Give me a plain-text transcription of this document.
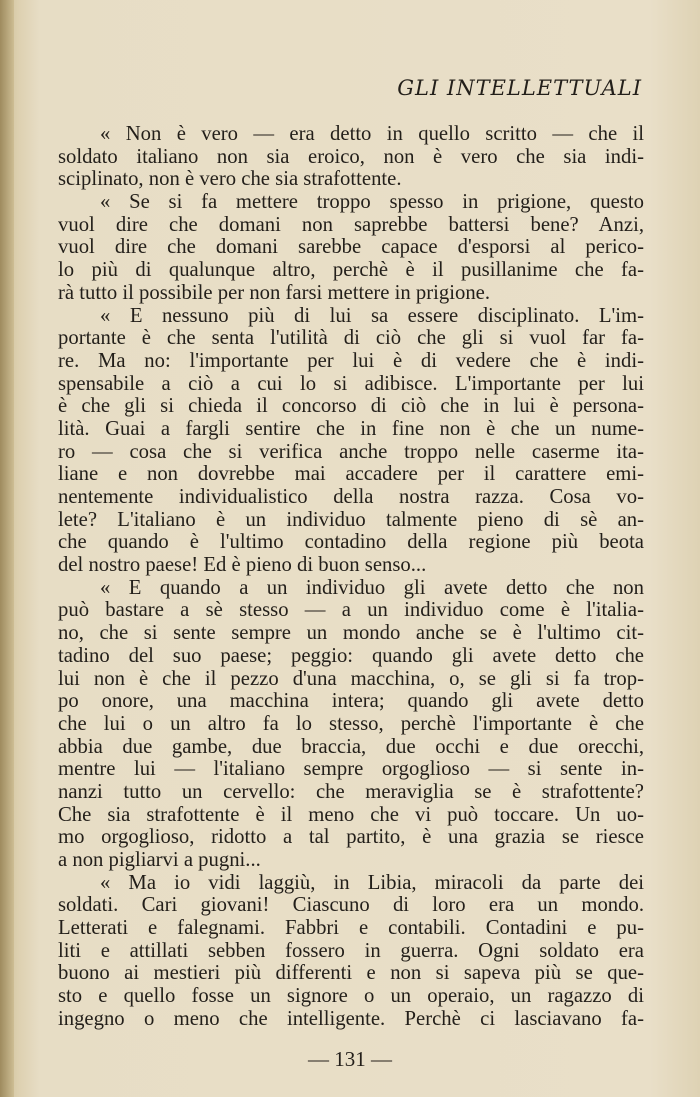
GLI INTELLETTUALI
« Non è vero — era detto in quello scritto — che il
soldato italiano non sia eroico, non è vero che sia indi-
sciplinato, non è vero che sia strafottente.
« Se si fa mettere troppo spesso in prigione, questo
vuol dire che domani non saprebbe battersi bene? Anzi,
vuol dire che domani sarebbe capace d'esporsi al perico-
lo più di qualunque altro, perchè è il pusillanime che fa-
rà tutto il possibile per non farsi mettere in prigione.
« E nessuno più di lui sa essere disciplinato. L'im-
portante è che senta l'utilità di ciò che gli si vuol far fa-
re. Ma no: l'importante per lui è di vedere che è indi-
spensabile a ciò a cui lo si adibisce. L'importante per lui
è che gli si chieda il concorso di ciò che in lui è persona-
lità. Guai a fargli sentire che in fine non è che un nume-
ro — cosa che si verifica anche troppo nelle caserme ita-
liane e non dovrebbe mai accadere per il carattere emi-
nentemente individualistico della nostra razza. Cosa vo-
lete? L'italiano è un individuo talmente pieno di sè an-
che quando è l'ultimo contadino della regione più beota
del nostro paese! Ed è pieno di buon senso...
« E quando a un individuo gli avete detto che non
può bastare a sè stesso — a un individuo come è l'italia-
no, che si sente sempre un mondo anche se è l'ultimo cit-
tadino del suo paese; peggio: quando gli avete detto che
lui non è che il pezzo d'una macchina, o, se gli si fa trop-
po onore, una macchina intera; quando gli avete detto
che lui o un altro fa lo stesso, perchè l'importante è che
abbia due gambe, due braccia, due occhi e due orecchi,
mentre lui — l'italiano sempre orgoglioso — si sente in-
nanzi tutto un cervello: che meraviglia se è strafottente?
Che sia strafottente è il meno che vi può toccare. Un uo-
mo orgoglioso, ridotto a tal partito, è una grazia se riesce
a non pigliarvi a pugni...
« Ma io vidi laggiù, in Libia, miracoli da parte dei
soldati. Cari giovani! Ciascuno di loro era un mondo.
Letterati e falegnami. Fabbri e contabili. Contadini e pu-
liti e attillati sebben fossero in guerra. Ogni soldato era
buono ai mestieri più differenti e non si sapeva più se que-
sto e quello fosse un signore o un operaio, un ragazzo di
ingegno o meno che intelligente. Perchè ci lasciavano fa-
— 131 —
